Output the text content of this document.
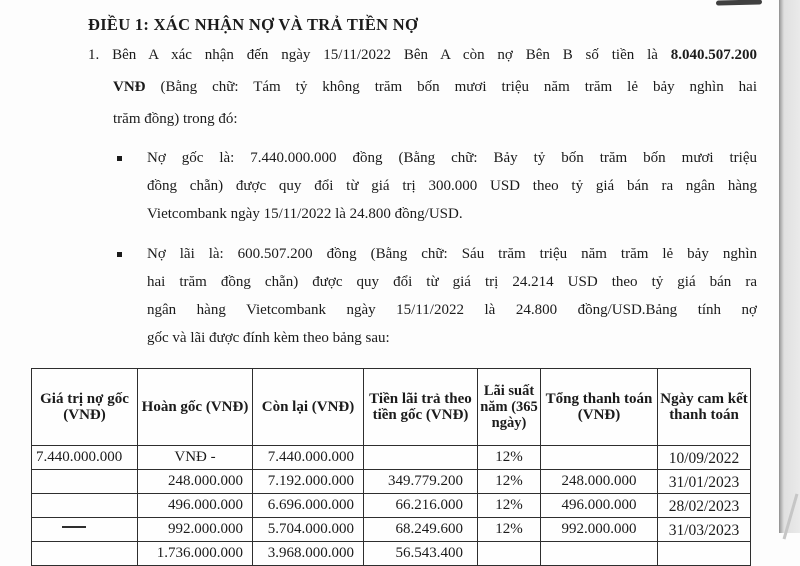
ĐIỀU 1: XÁC NHẬN NỢ VÀ TRẢ TIỀN NỢ
1. Bên A xác nhận đến ngày 15/11/2022 Bên A còn nợ Bên B số tiền là 8.040.507.200
VNĐ (Bằng chữ: Tám tỷ không trăm bốn mươi triệu năm trăm lẻ bảy nghìn hai
trăm đồng) trong đó:
Nợ gốc là: 7.440.000.000 đồng (Bằng chữ: Bảy tỷ bốn trăm bốn mươi triệu
đồng chẵn) được quy đổi từ giá trị 300.000 USD theo tỷ giá bán ra ngân hàng
Vietcombank ngày 15/11/2022 là 24.800 đồng/USD.
Nợ lãi là: 600.507.200 đồng (Bằng chữ: Sáu trăm triệu năm trăm lẻ bảy nghìn
hai trăm đồng chẵn) được quy đổi từ giá trị 24.214 USD theo tỷ giá bán ra
ngân hàng Vietcombank ngày 15/11/2022 là 24.800 đồng/USD.Bảng tính nợ
gốc và lãi được đính kèm theo bảng sau:
Giá trị nợ gốc (VNĐ)	Hoàn gốc (VNĐ)	Còn lại (VNĐ)	Tiền lãi trả theo tiền gốc (VNĐ)	Lãi suất năm (365 ngày)	Tổng thanh toán (VNĐ)	Ngày cam kết thanh toán
7.440.000.000	VNĐ -	7.440.000.000		12%		10/09/2022
	248.000.000	7.192.000.000	349.779.200	12%	248.000.000	31/01/2023
	496.000.000	6.696.000.000	66.216.000	12%	496.000.000	28/02/2023
	992.000.000	5.704.000.000	68.249.600	12%	992.000.000	31/03/2023
	1.736.000.000	3.968.000.000	56.543.400			
